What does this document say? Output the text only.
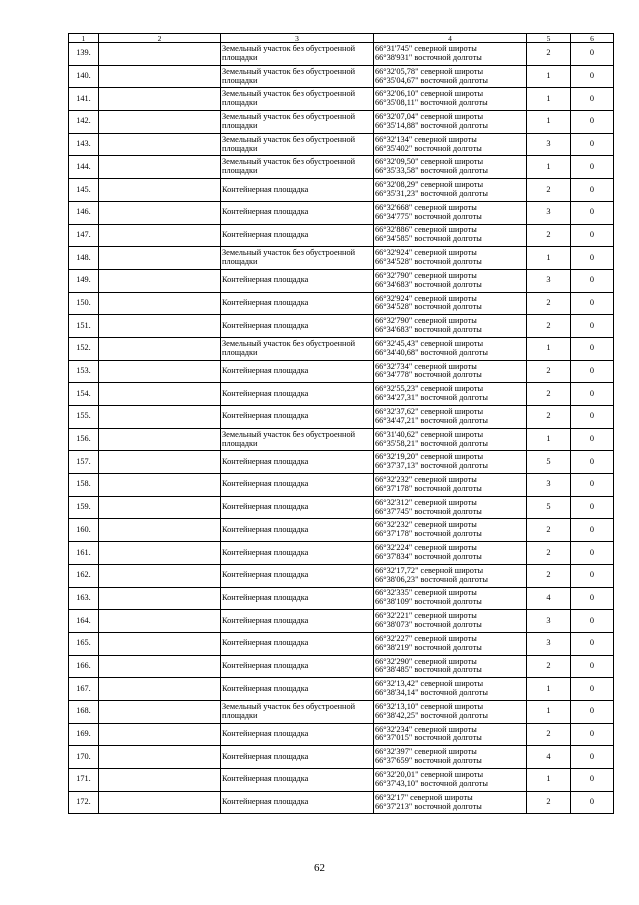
1	2	3	4	5	6
139.		Земельный участок без обустроенной площадки	66°31'745" северной широты
66°38'931" восточной долготы	2	0
140.		Земельный участок без обустроенной площадки	66°32'05,78" северной широты
66°35'04,67" восточной долготы	1	0
141.		Земельный участок без обустроенной площадки	66°32'06,10" северной широты
66°35'08,11" восточной долготы	1	0
142.		Земельный участок без обустроенной площадки	66°32'07,04" северной широты
66°35'14,88" восточной долготы	1	0
143.		Земельный участок без обустроенной площадки	66°32'134" северной широты
66°35'402" восточной долготы	3	0
144.		Земельный участок без обустроенной площадки	66°32'09,50" северной широты
66°35'33,58" восточной долготы	1	0
145.		Контейнерная площадка	66°32'08,29" северной широты
66°35'31,23" восточной долготы	2	0
146.		Контейнерная площадка	66°32'668" северной широты
66°34'775" восточной долготы	3	0
147.		Контейнерная площадка	66°32'886" северной широты
66°34'585" восточной долготы	2	0
148.		Земельный участок без обустроенной площадки	66°32'924" северной широты
66°34'528" восточной долготы	1	0
149.		Контейнерная площадка	66°32'790" северной широты
66°34'683" восточной долготы	3	0
150.		Контейнерная площадка	66°32'924" северной широты
66°34'528" восточной долготы	2	0
151.		Контейнерная площадка	66°32'790" северной широты
66°34'683" восточной долготы	2	0
152.		Земельный участок без обустроенной площадки	66°32'45,43" северной широты
66°34'40,68" восточной долготы	1	0
153.		Контейнерная площадка	66°32'734" северной широты
66°34'778" восточной долготы	2	0
154.		Контейнерная площадка	66°32'55,23" северной широты
66°34'27,31" восточной долготы	2	0
155.		Контейнерная площадка	66°32'37,62" северной широты
66°34'47,21" восточной долготы	2	0
156.		Земельный участок без обустроенной площадки	66°31'40,62" северной широты
66°35'58,21" восточной долготы	1	0
157.		Контейнерная площадка	66°32'19,20" северной широты
66°37'37,13" восточной долготы	5	0
158.		Контейнерная площадка	66°32'232" северной широты
66°37'178" восточной долготы	3	0
159.		Контейнерная площадка	66°32'312" северной широты
66°37'745" восточной долготы	5	0
160.		Контейнерная площадка	66°32'232" северной широты
66°37'178" восточной долготы	2	0
161.		Контейнерная площадка	66°32'224" северной широты
66°37'834" восточной долготы	2	0
162.		Контейнерная площадка	66°32'17,72" северной широты
66°38'06,23" восточной долготы	2	0
163.		Контейнерная площадка	66°32'335" северной широты
66°38'109" восточной долготы	4	0
164.		Контейнерная площадка	66°32'221" северной широты
66°38'073" восточной долготы	3	0
165.		Контейнерная площадка	66°32'227" северной широты
66°38'219" восточной долготы	3	0
166.		Контейнерная площадка	66°32'290" северной широты
66°38'485" восточной долготы	2	0
167.		Контейнерная площадка	66°32'13,42" северной широты
66°38'34,14" восточной долготы	1	0
168.		Земельный участок без обустроенной площадки	66°32'13,10" северной широты
66°38'42,25" восточной долготы	1	0
169.		Контейнерная площадка	66°32'234" северной широты
66°37'015" восточной долготы	2	0
170.		Контейнерная площадка	66°32'397" северной широты
66°37'659" восточной долготы	4	0
171.		Контейнерная площадка	66°32'20,01" северной широты
66°37'43,10" восточной долготы	1	0
172.		Контейнерная площадка	66°32'17" северной широты
66°37'213" восточной долготы	2	0
62
